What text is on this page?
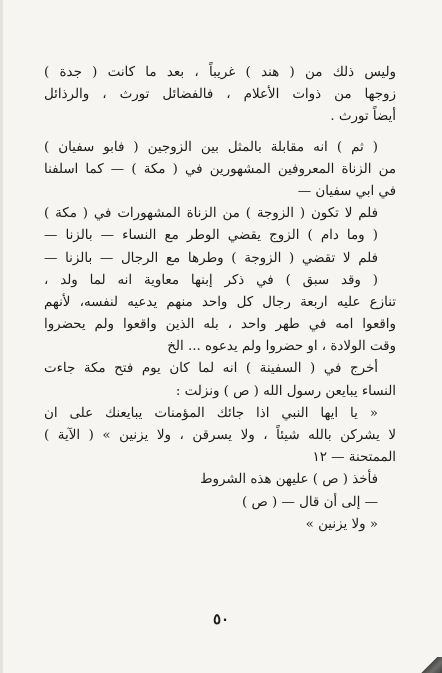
وليس ذلك من ( هند ) غريباً ، بعد ما كانت ( جدة )
زوجها من ذوات الأعلام ، فالفضائل تورث ، والرذائل
أيضاً تورث .
( ثم ) انه مقابلة بالمثل بين الزوجين ( فابو سفيان )
من الزناة المعروفين المشهورين في ( مكة ) — كما اسلفنا
في ابي سفيان —
فلم لا تكون ( الزوجة ) من الزناة المشهورات في ( مكة )
( وما دام ) الزوج يقضي الوطر مع النساء — بالزنا —
فلم لا تقضي ( الزوجة ) وطرها مع الرجال — بالزنا —
( وقد سبق ) في ذكر إبنها معاوية انه لما ولد ،
تنازع عليه اربعة رجال كل واحد منهم يدعيه لنفسه، لأنهم
واقعوا امه في طهر واحد ، بله الذين واقعوا ولم يحضروا
وقت الولادة ، او حضروا ولم يدعوه ... الخ
أخرج في ( السفينة ) انه لما كان يوم فتح مكة جاءت
النساء يبايعن رسول الله ( ص ) ونزلت :
« يا ايها النبي اذا جائك المؤمنات يبايعنك على ان
لا يشركن بالله شيئاً ، ولا يسرقن ، ولا يزنين » ( الآية )
الممتحنة — ١٢
فأخذ ( ص ) عليهن هذه الشروط
— إلى أن قال — ( ص )
« ولا يزنين »
٥٠
